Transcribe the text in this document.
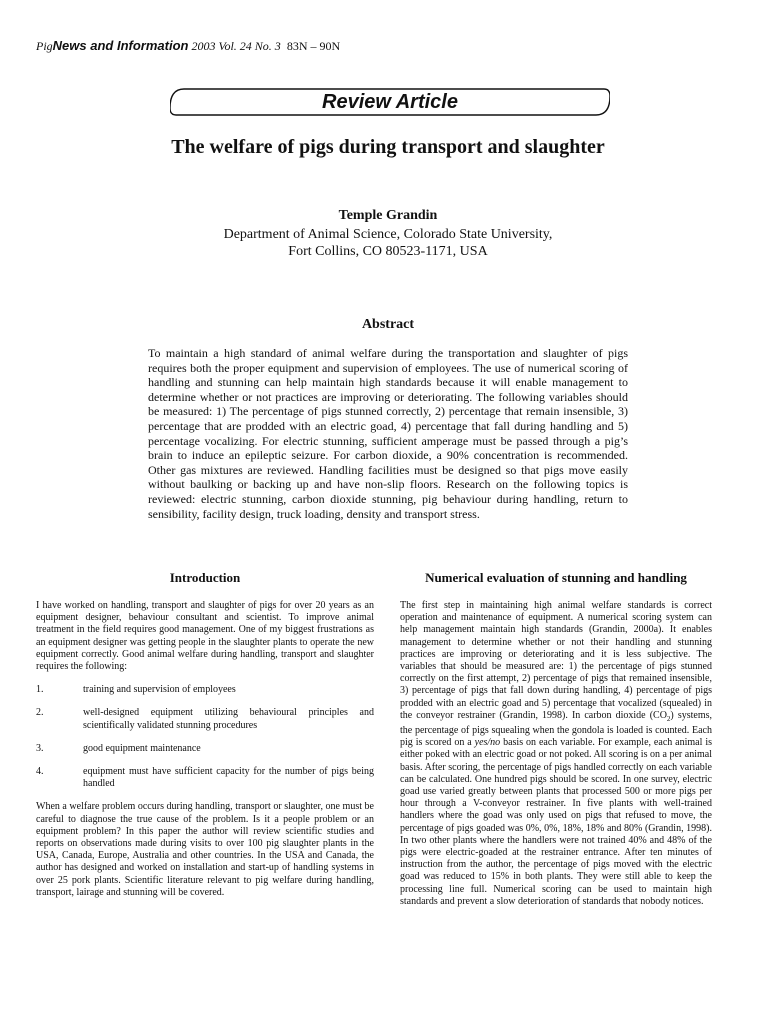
PigNews and Information 2003 Vol. 24 No. 3 83N – 90N
Review Article
The welfare of pigs during transport and slaughter
Temple Grandin
Department of Animal Science, Colorado State University,
Fort Collins, CO 80523-1171, USA
Abstract

To maintain a high standard of animal welfare during the transportation and slaughter of pigs requires both the proper equipment and supervision of employees. The use of numerical scoring of handling and stunning can help maintain high standards because it will enable management to determine whether or not practices are improving or deteriorating. The following variables should be measured: 1) The percentage of pigs stunned correctly, 2) percentage that remain insensible, 3) percentage that are prodded with an electric goad, 4) percentage that fall during handling and 5) percentage vocalizing. For electric stunning, sufficient amperage must be passed through a pig’s brain to induce an epileptic seizure. For carbon dioxide, a 90% concentration is recommended. Other gas mixtures are reviewed. Handling facilities must be designed so that pigs move easily without baulking or backing up and have non-slip floors. Research on the following topics is reviewed: electric stunning, carbon dioxide stunning, pig behaviour during handling, return to sensibility, facility design, truck loading, density and transport stress.

Introduction

I have worked on handling, transport and slaughter of pigs for over 20 years as an equipment designer, behaviour consultant and scientist. To improve animal treatment in the field requires good management. One of my biggest frustrations as an equipment designer was getting people in the slaughter plants to operate the new equipment correctly. Good animal welfare during handling, transport and slaughter requires the following:

1.	training and supervision of employees
2.	well-designed equipment utilizing behavioural principles and scientifically validated stunning procedures
3.	good equipment maintenance
4.	equipment must have sufficient capacity for the number of pigs being handled

When a welfare problem occurs during handling, transport or slaughter, one must be careful to diagnose the true cause of the problem. Is it a people problem or an equipment problem? In this paper the author will review scientific studies and reports on observations made during visits to over 100 pig slaughter plants in the USA, Canada, Europe, Australia and other countries. In the USA and Canada, the author has designed and worked on installation and start-up of handling systems in over 25 pork plants. Scientific literature relevant to pig welfare during handling, transport, lairage and stunning will be covered.

Numerical evaluation of stunning and handling

The first step in maintaining high animal welfare standards is correct operation and maintenance of equipment. A numerical scoring system can help management maintain high standards (Grandin, 2000a). It enables management to determine whether or not their handling and stunning practices are improving or deteriorating and it is less subjective. The variables that should be measured are: 1) the percentage of pigs stunned correctly on the first attempt, 2) percentage of pigs that remained insensible, 3) percentage of pigs that fall down during handling, 4) percentage of pigs prodded with an electric goad and 5) percentage that vocalized (squealed) in the conveyor restrainer (Grandin, 1998). In carbon dioxide $(CO_2)$ systems, the percentage of pigs squealing when the gondola is loaded is counted. Each pig is scored on a yes/no basis on each variable. For example, each animal is either poked with an electric goad or not poked. All scoring is on a per animal basis. After scoring, the percentage of pigs handled correctly on each variable can be calculated. One hundred pigs should be scored. In one survey, electric goad use varied greatly between plants that processed 500 or more pigs per hour through a V-conveyor restrainer. In five plants with well-trained handlers where the goad was only used on pigs that refused to move, the percentage of pigs goaded was 0%, 0%, 18%, 18% and 80% (Grandin, 1998). In two other plants where the handlers were not trained 40% and 48% of the pigs were electric-goaded at the restrainer entrance. After ten minutes of instruction from the author, the percentage of pigs moved with the electric goad was reduced to 15% in both plants. They were still able to keep the processing line full. Numerical scoring can be used to maintain high standards and prevent a slow deterioration of standards that nobody notices.
